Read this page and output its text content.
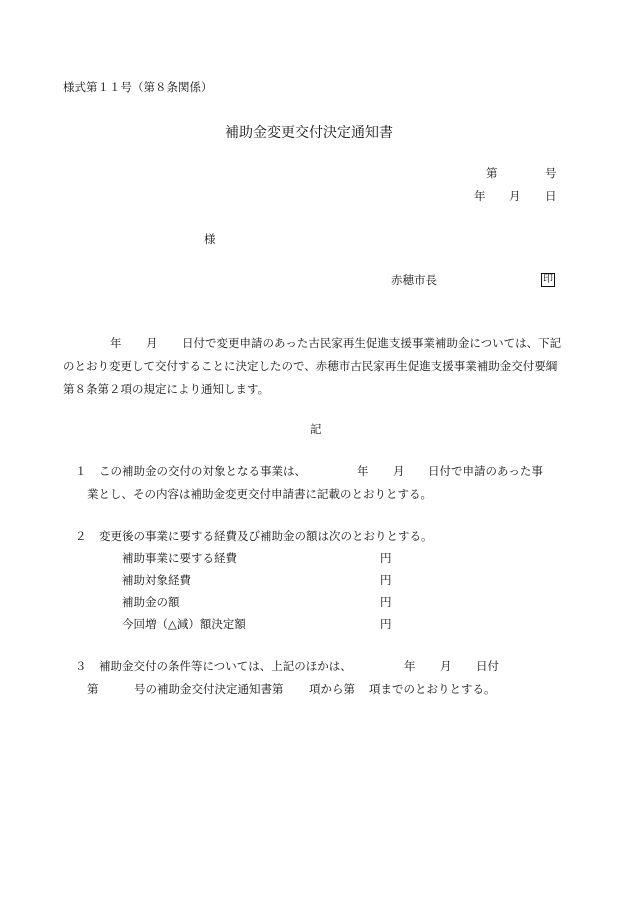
様式第１１号（第８条関係）
補助金変更交付決定通知書
第	号
年 月 日
様
赤穂市長	印
年 月 日付で変更申請のあった古民家再生促進支援事業補助金については、下記
のとおり変更して交付することに決定したので、赤穂市古民家再生促進支援事業補助金交付要綱
第８条第２項の規定により通知します。
記
１ この補助金の交付の対象となる事業は、	年 月 日付で申請のあった事
業とし、その内容は補助金変更交付申請書に記載のとおりとする。
２ 変更後の事業に要する経費及び補助金の額は次のとおりとする。
補助事業に要する経費	円
補助対象経費	円
補助金の額	円
今回増（△減）額決定額	円
３ 補助金交付の条件等については、上記のほかは、	年 月 日付
第	号の補助金交付決定通知書第 項から第 項までのとおりとする。
